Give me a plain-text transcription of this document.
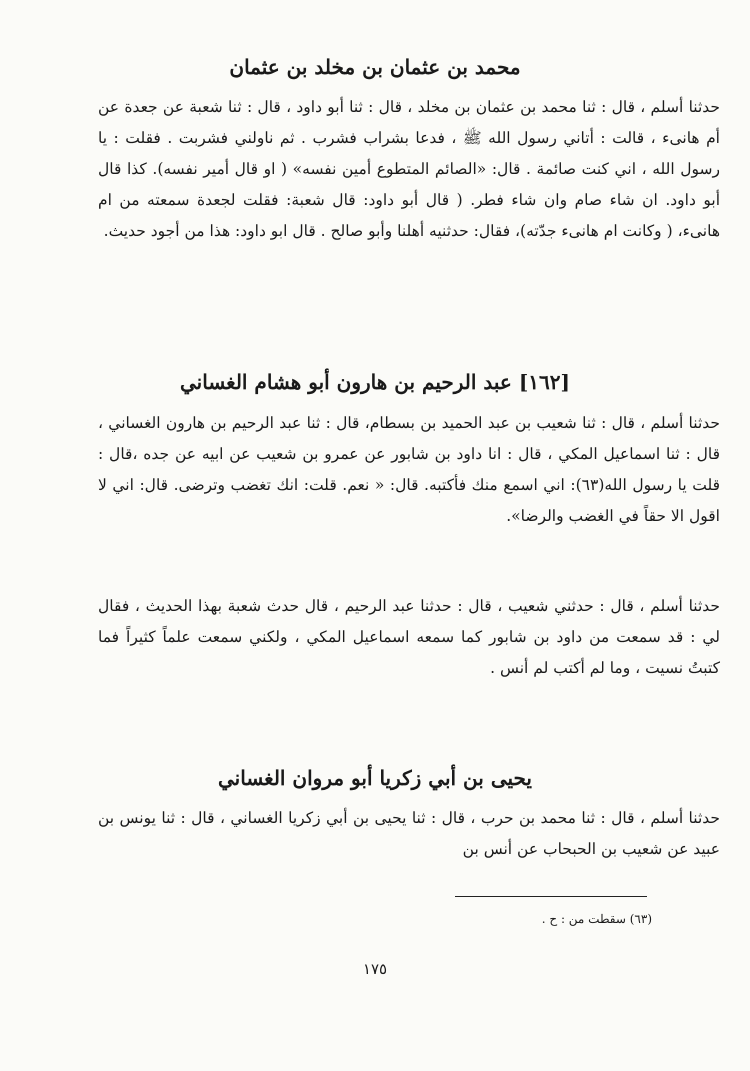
محمد بن عثمان بن مخلد بن عثمان
حدثنا أسلم ، قال : ثنا محمد بن عثمان بن مخلد ، قال : ثنا أبو داود ، قال : ثنا شعبة عن جعدة عن أم هانىء ، قالت : أتاني رسول الله ﷺ ، فدعا بشراب فشرب . ثم ناولني فشربت . فقلت : يا رسول الله ، اني كنت صائمة . قال: «الصائم المتطوع أمين نفسه» ( او قال أمير نفسه). كذا قال أبو داود. ان شاء صام وان شاء فطر. ( قال أبو داود: قال شعبة: فقلت لجعدة سمعته من ام هانىء، ( وكانت ام هانىء جدّته)، فقال: حدثنيه أهلنا وأبو صالح . قال ابو داود: هذا من أجود حديث.
[١٦٢] عبد الرحيم بن هارون أبو هشام الغساني
حدثنا أسلم ، قال : ثنا شعيب بن عبد الحميد بن بسطام، قال : ثنا عبد الرحيم بن هارون الغساني ، قال : ثنا اسماعيل المكي ، قال : انا داود بن شابور عن عمرو بن شعيب عن ابيه عن جده ،قال : قلت يا رسول الله(٦٣): اني اسمع منك فأكتبه. قال: « نعم. قلت: انك تغضب وترضى. قال: اني لا اقول الا حقاً في الغضب والرضا».
حدثنا أسلم ، قال : حدثني شعيب ، قال : حدثنا عبد الرحيم ، قال حدث شعبة بهذا الحديث ، فقال لي : قد سمعت من داود بن شابور كما سمعه اسماعيل المكي ، ولكني سمعت علماً كثيراً فما كتبتُ نسيت ، وما لم أكتب لم أنس .
يحيى بن أبي زكريا أبو مروان الغساني
حدثنا أسلم ، قال : ثنا محمد بن حرب ، قال : ثنا يحيى بن أبي زكريا الغساني ، قال : ثنا يونس بن عبيد عن شعيب بن الحبحاب عن أنس بن
(٦٣) سقطت من : ح .
١٧٥
